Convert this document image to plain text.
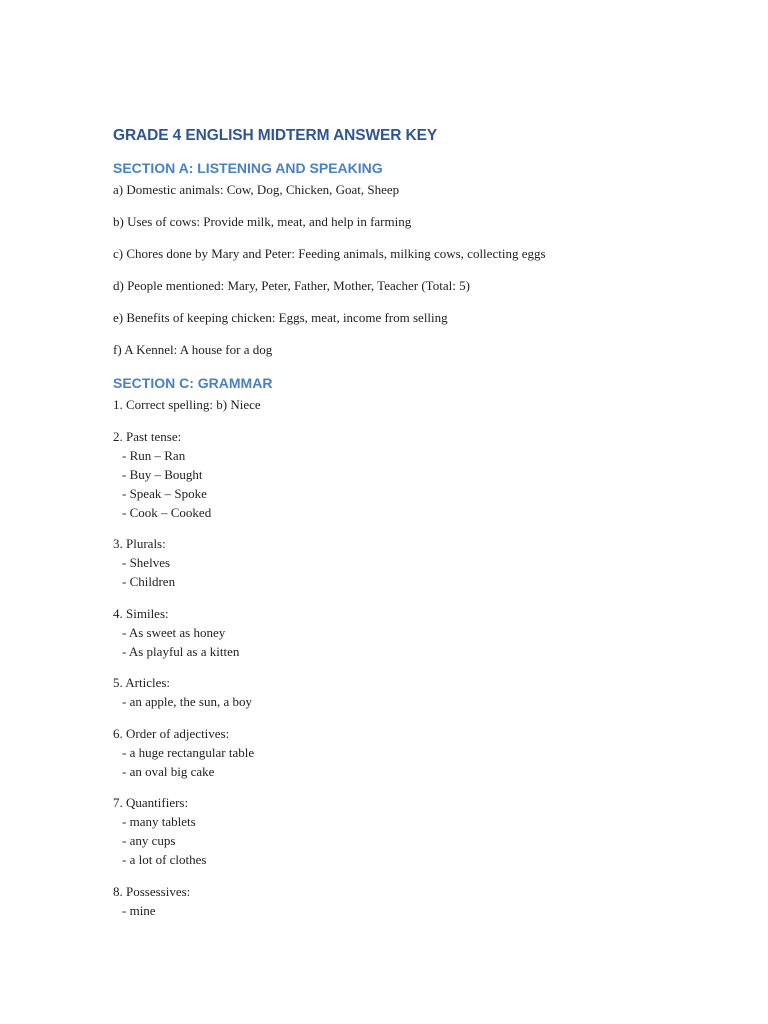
GRADE 4 ENGLISH MIDTERM ANSWER KEY
SECTION A: LISTENING AND SPEAKING

a) Domestic animals: Cow, Dog, Chicken, Goat, Sheep

b) Uses of cows: Provide milk, meat, and help in farming

c) Chores done by Mary and Peter: Feeding animals, milking cows, collecting eggs

d) People mentioned: Mary, Peter, Father, Mother, Teacher (Total: 5)

e) Benefits of keeping chicken: Eggs, meat, income from selling

f) A Kennel: A house for a dog

SECTION C: GRAMMAR
1. Correct spelling: b) Niece
2. Past tense:
- Run – Ran
- Buy – Bought
- Speak – Spoke
- Cook – Cooked
3. Plurals:
- Shelves
- Children
4. Similes:
- As sweet as honey
- As playful as a kitten
5. Articles:
- an apple, the sun, a boy
6. Order of adjectives:
- a huge rectangular table
- an oval big cake
7. Quantifiers:
- many tablets
- any cups
- a lot of clothes
8. Possessives:
- mine
